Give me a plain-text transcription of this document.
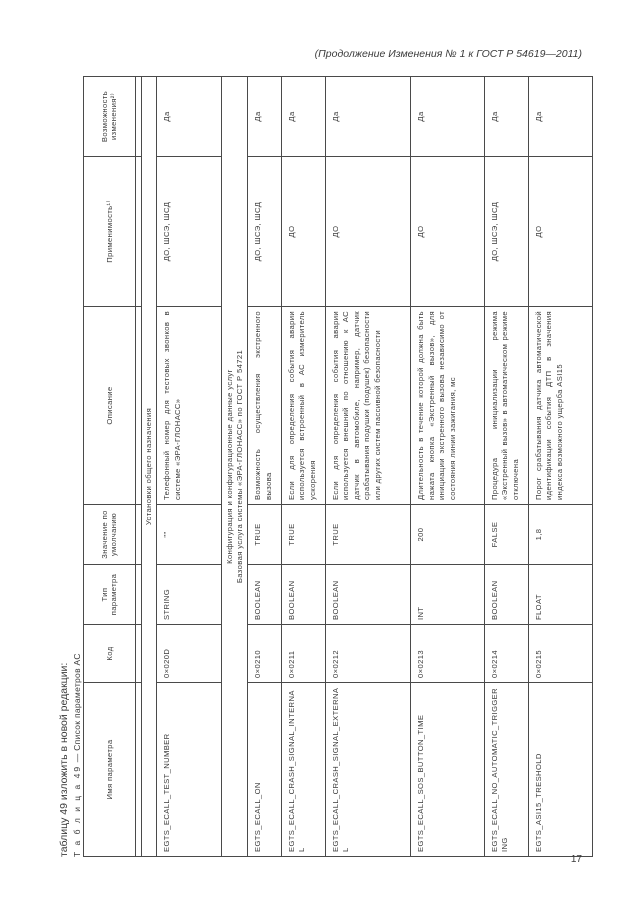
(Продолжение Изменения № 1 к ГОСТ Р 54619—2011)
таблицу 49 изложить в новой редакции: Т а б л и ц а 49 — Список параметров АС
Имя параметра	Код	Тип параметра	Значение по умолчанию	Описание	Применимость¹⁾	Возможность изменения²⁾

Установки общего назначения						
EGTS_ECALL_TEST_NUMBER	0×020D	STRING	""	Телефонный номер для тестовых звонков в системе «ЭРА-ГЛОНАСС»	ДО, ШСЭ, ШСД	Да

Конфигурация и конфигурационные данные услуг Базовая услуга системы «ЭРА-ГЛОНАСС» по ГОСТ Р 54721						

EGTS_ECALL_ON	0×0210	BOOLEAN	TRUE	Возможность осуществления экстренного вызова	ДО, ШСЭ, ШСД	Да
EGTS_ECALL_CRASH_SIGNAL_INTERNAL	0×0211	BOOLEAN	TRUE	Если для определения события аварии используется встроенный в АС измеритель ускорения	ДО	Да
EGTS_ECALL_CRASH_SIGNAL_EXTERNAL	0×0212	BOOLEAN	TRUE	Если для определения события аварии используется внешний по отношению к АС датчик в автомобиле, например, датчик срабатывания подушки (подушек) безопасности или других систем пассивной безопасности	ДО	Да
EGTS_ECALL_SOS_BUTTON_TIME	0×0213	INT	200	Длительность в течение которой должна быть нажата кнопка «Экстренный вызов», для инициации экстренного вызова независимо от состояния линии зажигания, мс	ДО	Да
EGTS_ECALL_NO_AUTOMATIC_TRIGGERING	0×0214	BOOLEAN	FALSE	Процедура инициализации режима «Экстренный вызов» в автоматическом режиме отключена	ДО, ШСЭ, ШСД	Да
EGTS_ASI15_TRESHOLD	0×0215	FLOAT	1,8	Порог срабатывания датчика автоматической идентификации события ДТП в значения индекса возможного ущерба ASI15	ДО	Да
17
